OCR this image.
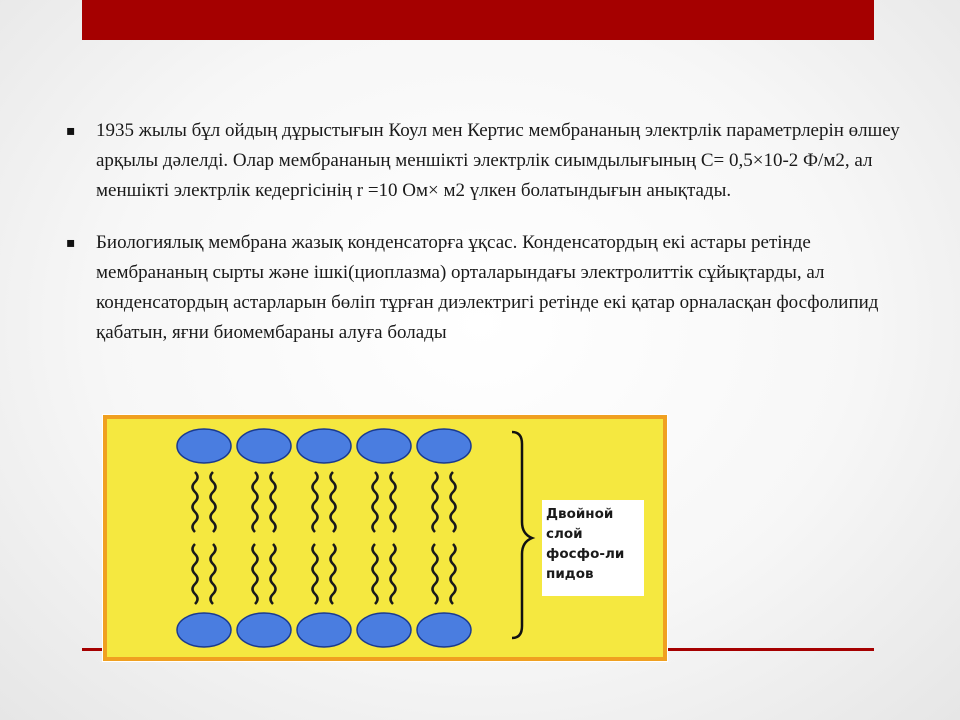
▪	1935 жылы бұл ойдың дұрыстығын Коул мен Кертис мембрананың электрлік параметрлерін өлшеу арқылы дәлелді. Олар мембрананың меншікті электрлік сиымдылығының С= 0,5×10-2 Ф/м2, ал меншікті электрлік кедергісінің r =10 Ом× м2 үлкен болатындығын анықтады.
▪	Биологиялық мембрана жазық конденсаторға ұқсас. Конденсатордың екі астары ретінде мембрананың сырты және ішкі(циоплазма) орталарындағы электролиттік сұйықтарды, ал конденсатордың астарларын бөліп тұрған диэлектригі ретінде екі қатар орналасқан фосфолипид қабатын, яғни биомембараны алуға болады
Двойной
слой
фосфо-ли
пидов
